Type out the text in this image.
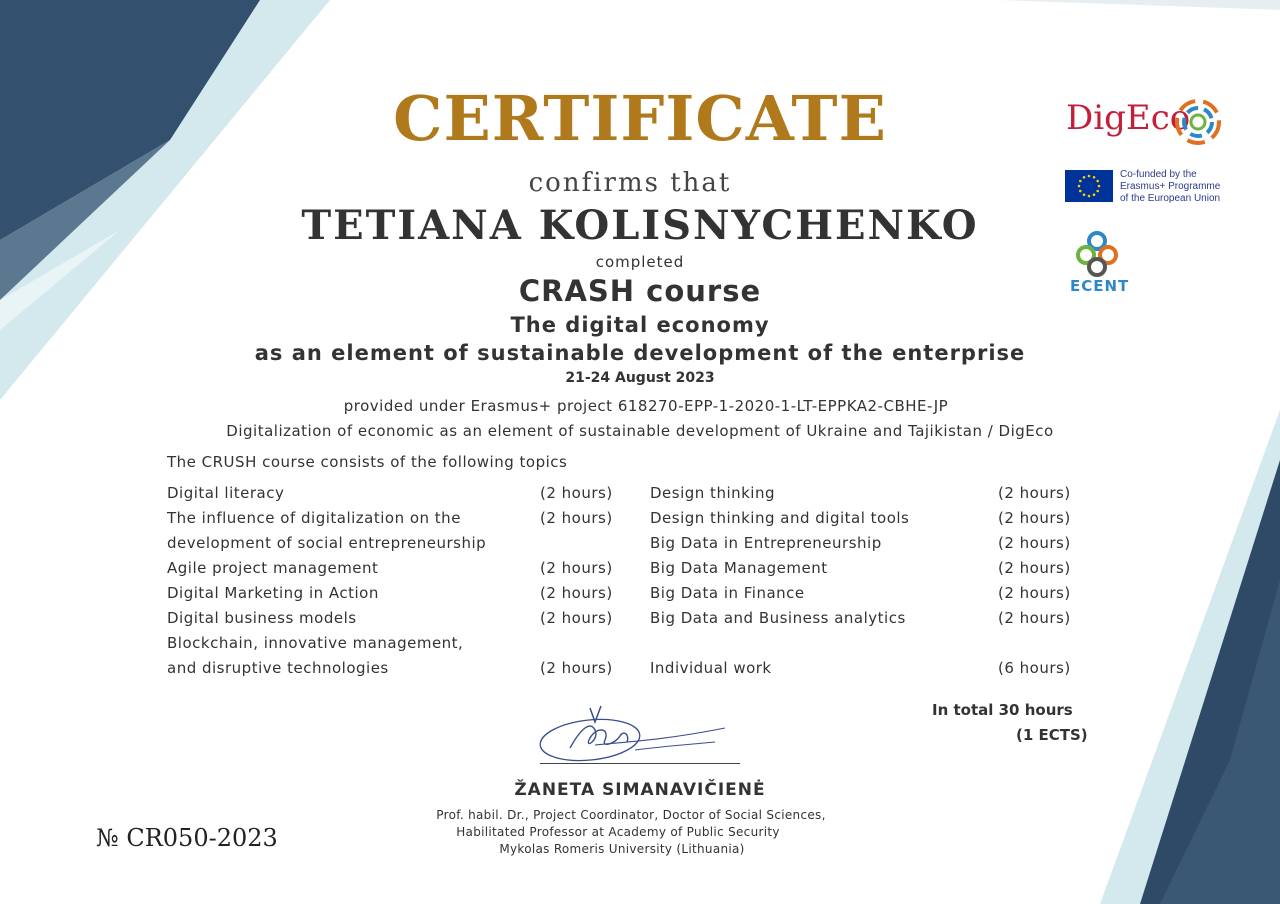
CERTIFICATE
confirms that
TETIANA KOLISNYCHENKO
completed
CRASH course
The digital economy
as an element of sustainable development of the enterprise
21-24 August 2023
provided under Erasmus+ project 618270-EPP-1-2020-1-LT-EPPKA2-CBHE-JP
Digitalization of economic as an element of sustainable development of Ukraine and Tajikistan / DigEco
The CRUSH course consists of the following topics
Digital literacy	(2 hours)
The influence of digitalization on the	(2 hours)
development of social entrepreneurship
Agile project management	(2 hours)
Digital Marketing in Action	(2 hours)
Digital business models	(2 hours)
Blockchain, innovative management,
and disruptive technologies	(2 hours)
Design thinking	(2 hours)
Design thinking and digital tools	(2 hours)
Big Data in Entrepreneurship	(2 hours)
Big Data Management	(2 hours)
Big Data in Finance	(2 hours)
Big Data and Business analytics	(2 hours)
Individual work	(6 hours)
In total 30 hours
(1 ECTS)
ŽANETA SIMANAVIČIENĖ
Prof. habil. Dr., Project Coordinator, Doctor of Social Sciences,
Habilitated Professor at Academy of Public Security
Mykolas Romeris University (Lithuania)
№ CR050-2023
DigEco
Co-funded by the
Erasmus+ Programme
of the European Union
ECENT
